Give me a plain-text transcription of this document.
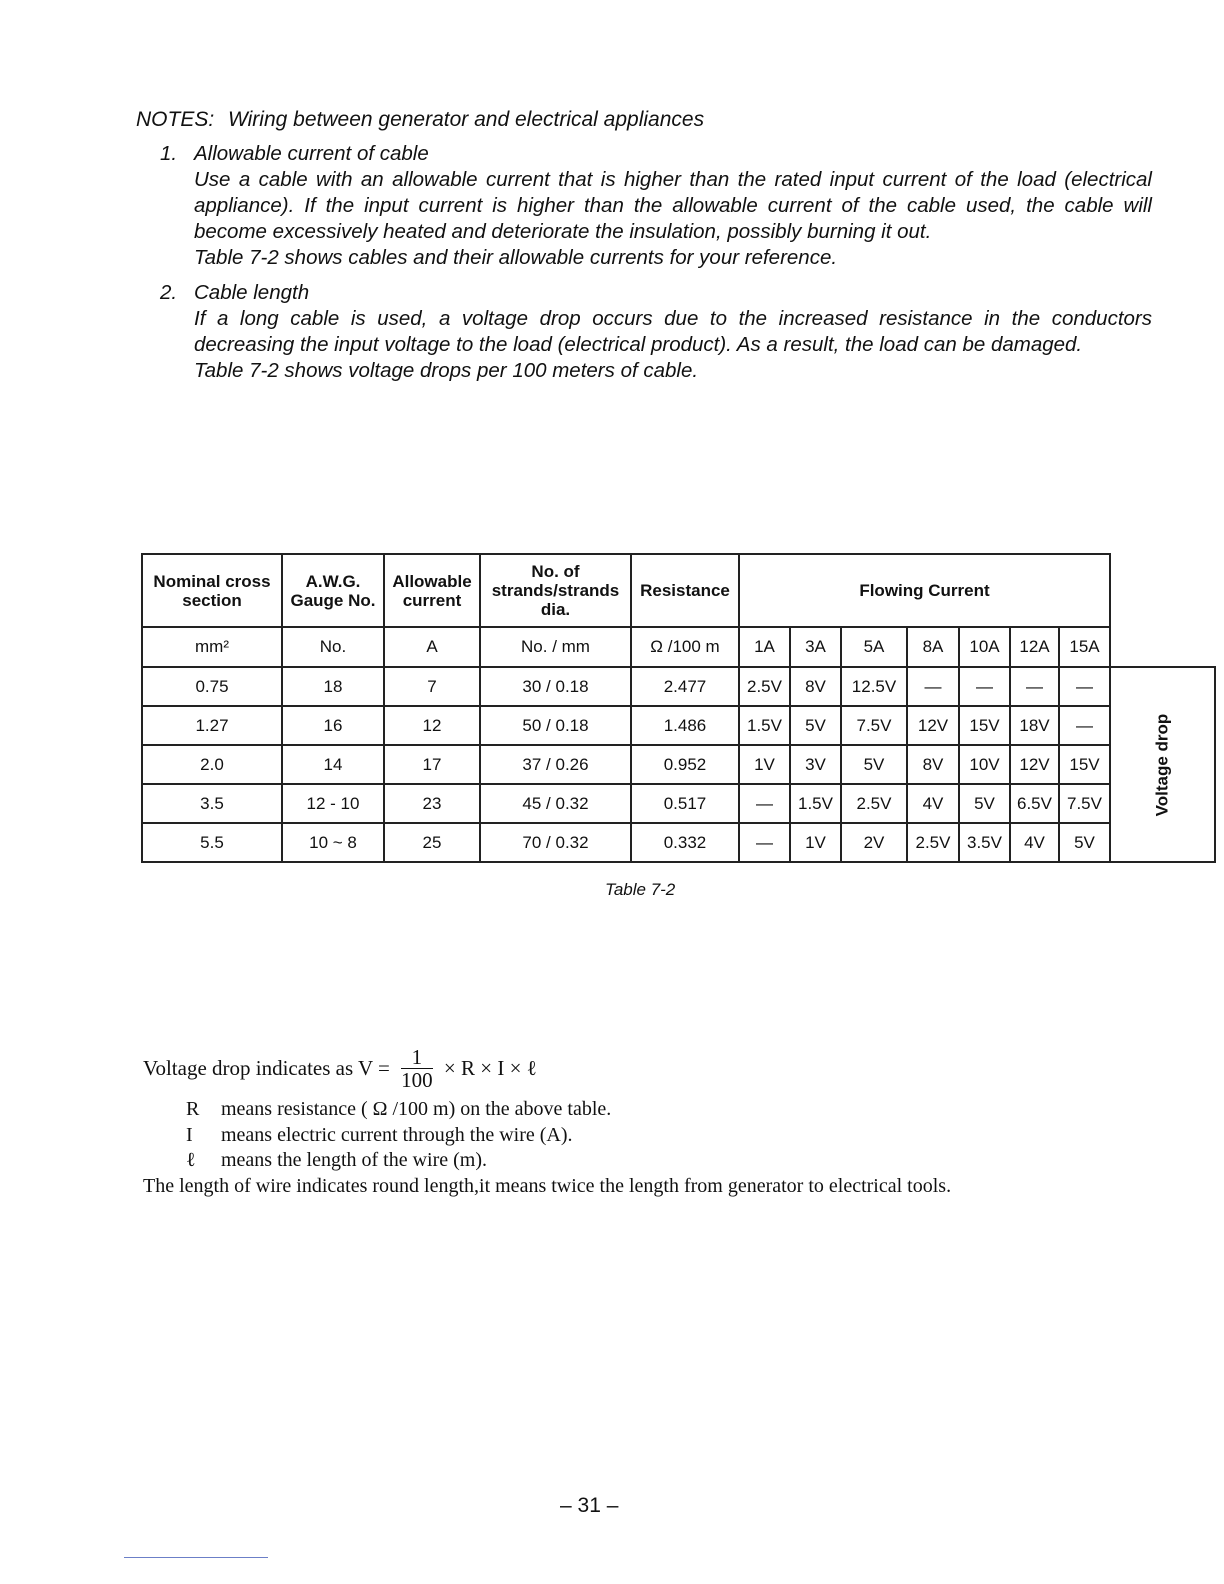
NOTES: Wiring between generator and electrical appliances
1. Allowable current of cable

Use a cable with an allowable current that is higher than the rated input current of the load (electrical appliance). If the input current is higher than the allowable current of the cable used, the cable will become excessively heated and deteriorate the insulation, possibly burning it out.

Table 7-2 shows cables and their allowable currents for your reference.

2. Cable length

If a long cable is used, a voltage drop occurs due to the increased resistance in the conductors decreasing the input voltage to the load (electrical product). As a result, the load can be damaged.

Table 7-2 shows voltage drops per 100 meters of cable.

Nominal cross section	A.W.G. Gauge No.	Allowable current	No. of strands/strands dia.	Resistance	Flowing Current							
mm²	No.	A	No. / mm	Ω /100 m	1A	3A	5A	8A	10A	12A	15A	
0.75	18	7	30 / 0.18	2.477	2.5V	8V	12.5V	—	—	—	—	Voltage drop
1.27	16	12	50 / 0.18	1.486	1.5V	5V	7.5V	12V	15V	18V	—	
2.0	14	17	37 / 0.26	0.952	1V	3V	5V	8V	10V	12V	15V	
3.5	12 - 10	23	45 / 0.32	0.517	—	1.5V	2.5V	4V	5V	6.5V	7.5V	
5.5	10 ~ 8	25	70 / 0.32	0.332	—	1V	2V	2.5V	3.5V	4V	5V	
Table 7-2
Voltage drop indicates as $V = \frac{1}{100} \times R \times I$ × ℓ
R means resistance ( Ω /100 m) on the above table.
I means electric current through the wire (A).
ℓ means the length of the wire (m).
The length of wire indicates round length,it means twice the length from generator to electrical tools.
– 31 –
